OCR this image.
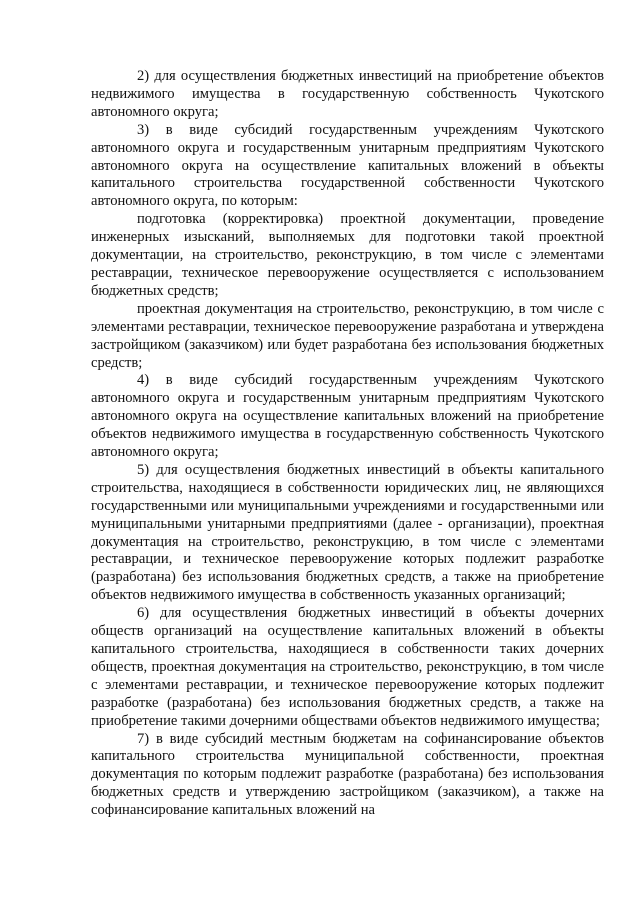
2) для осуществления бюджетных инвестиций на приобретение объектов недвижимого имущества в государственную собственность Чукотского автономного округа;

3) в виде субсидий государственным учреждениям Чукотского автономного округа и государственным унитарным предприятиям Чукотского автономного округа на осуществление капитальных вложений в объекты капитального строительства государственной собственности Чукотского автономного округа, по которым:

подготовка (корректировка) проектной документации, проведение инженерных изысканий, выполняемых для подготовки такой проектной документации, на строительство, реконструкцию, в том числе с элементами реставрации, техническое перевооружение осуществляется с использованием бюджетных средств;

проектная документация на строительство, реконструкцию, в том числе с элементами реставрации, техническое перевооружение разработана и утверждена застройщиком (заказчиком) или будет разработана без использования бюджетных средств;

4) в виде субсидий государственным учреждениям Чукотского автономного округа и государственным унитарным предприятиям Чукотского автономного округа на осуществление капитальных вложений на приобретение объектов недвижимого имущества в государственную собственность Чукотского автономного округа;

5) для осуществления бюджетных инвестиций в объекты капитального строительства, находящиеся в собственности юридических лиц, не являющихся государственными или муниципальными учреждениями и государственными или муниципальными унитарными предприятиями (далее - организации), проектная документация на строительство, реконструкцию, в том числе с элементами реставрации, и техническое перевооружение которых подлежит разработке (разработана) без использования бюджетных средств, а также на приобретение объектов недвижимого имущества в собственность указанных организаций;

6) для осуществления бюджетных инвестиций в объекты дочерних обществ организаций на осуществление капитальных вложений в объекты капитального строительства, находящиеся в собственности таких дочерних обществ, проектная документация на строительство, реконструкцию, в том числе с элементами реставрации, и техническое перевооружение которых подлежит разработке (разработана) без использования бюджетных средств, а также на приобретение такими дочерними обществами объектов недвижимого имущества;

7) в виде субсидий местным бюджетам на софинансирование объектов капитального строительства муниципальной собственности, проектная документация по которым подлежит разработке (разработана) без использования бюджетных средств и утверждению застройщиком (заказчиком), а также на софинансирование капитальных вложений на
